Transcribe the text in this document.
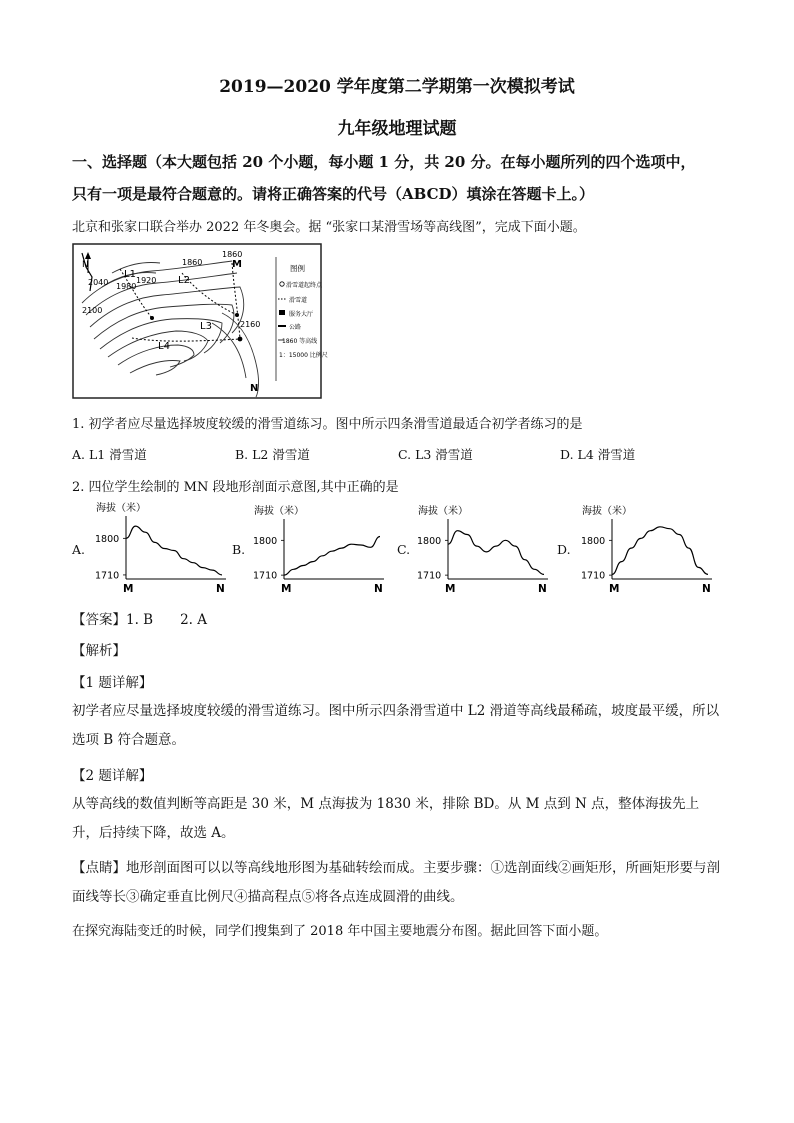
2019—2020 学年度第二学期第一次模拟考试
九年级地理试题
一、选择题（本大题包括 20 个小题，每小题 1 分，共 20 分。在每小题所列的四个选项中，
只有一项是最符合题意的。请将正确答案的代号（ABCD）填涂在答题卡上。）
北京和张家口联合举办 2022 年冬奥会。据 “张家口某滑雪场等高线图”，完成下面小题。
N	1860
1920
1980
2040
2100
2160
1860
L1
L2
L3
L4
M
N
图例
滑雪道起终点
滑雪道
服务大厅
公路
1860 等高线
1：15000 比例尺
1. 初学者应尽量选择坡度较缓的滑雪道练习。图中所示四条滑雪道最适合初学者练习的是
A. L1 滑雪道	B. L2 滑雪道	C. L3 滑雪道	D. L4 滑雪道
2. 四位学生绘制的 MN 段地形剖面示意图,其中正确的是
A.	B.	C.	D.
海拔（米）
1800
1710
M	N
海拔（米）
1800
1710
M	N
海拔（米）
1800
1710
M	N
海拔（米）
1800
1710
M	N
【答案】1. B　　2. A
【解析】
【1 题详解】
初学者应尽量选择坡度较缓的滑雪道练习。图中所示四条滑雪道中 L2 滑道等高线最稀疏，坡度最平缓，所以选项 B 符合题意。
【2 题详解】
从等高线的数值判断等高距是 30 米，M 点海拔为 1830 米，排除 BD。从 M 点到 N 点，整体海拔先上升，后持续下降，故选 A。
【点睛】地形剖面图可以以等高线地形图为基础转绘而成。主要步骤：①选剖面线②画矩形，所画矩形要与剖面线等长③确定垂直比例尺④描高程点⑤将各点连成圆滑的曲线。
在探究海陆变迁的时候，同学们搜集到了 2018 年中国主要地震分布图。据此回答下面小题。
